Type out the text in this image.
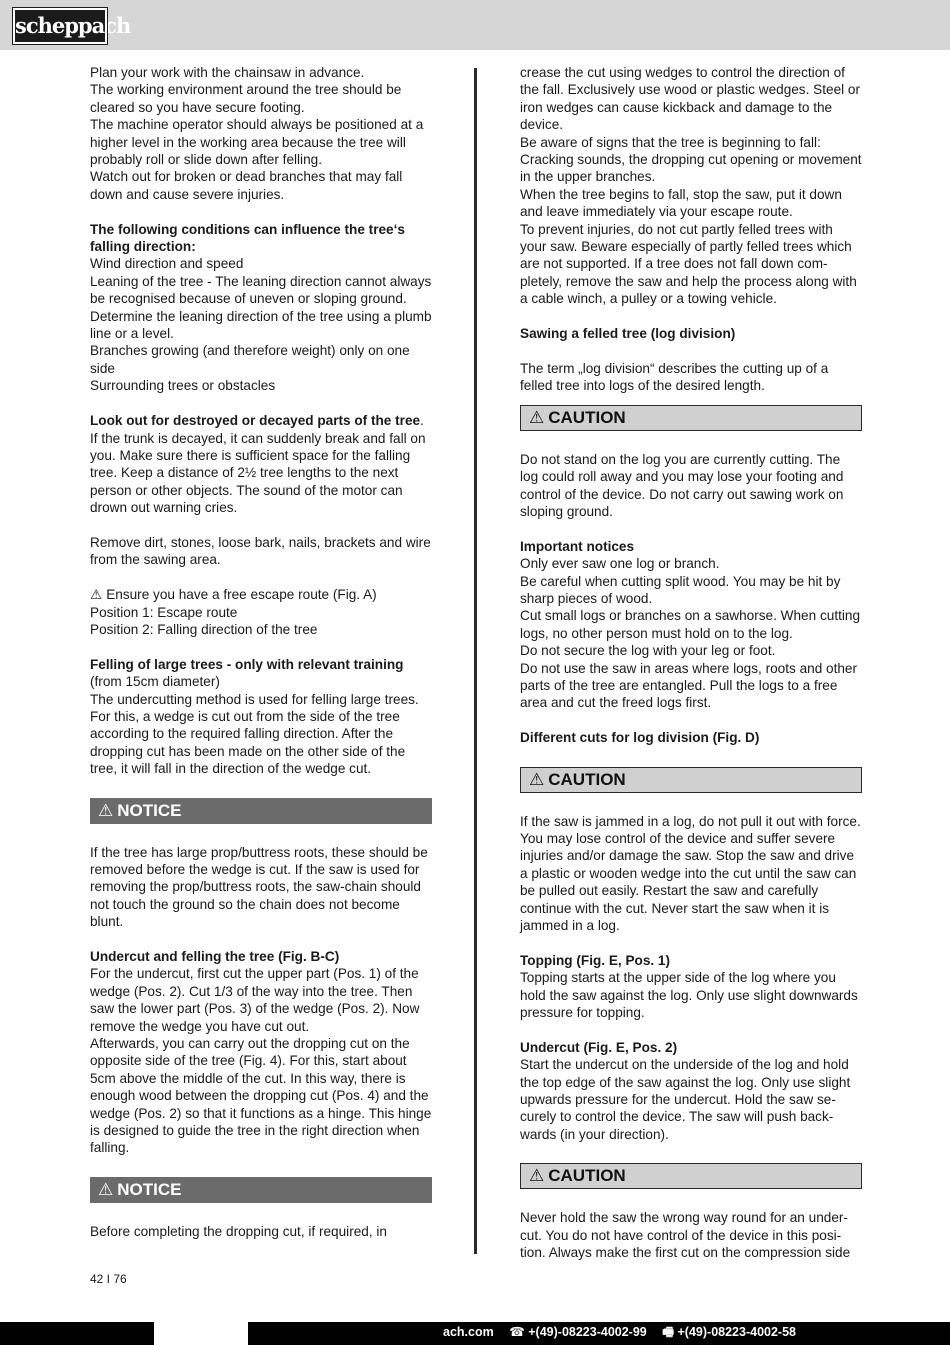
scheppach

Plan your work with the chainsaw in advance.

The working environment around the tree should be cleared so you have secure footing.

The machine operator should always be positioned at a higher level in the working area because the tree will probably roll or slide down after felling.

Watch out for broken or dead branches that may fall down and cause severe injuries.

The following conditions can influence the tree‘s falling direction:

Wind direction and speed

Leaning of the tree - The leaning direction cannot always be recognised because of uneven or sloping ground. Determine the leaning direction of the tree using a plumb line or a level.

Branches growing (and therefore weight) only on one side

Surrounding trees or obstacles

Look out for destroyed or decayed parts of the tree. If the trunk is decayed, it can suddenly break and fall on you. Make sure there is sufficient space for the falling tree. Keep a distance of 2½ tree lengths to the next person or other objects. The sound of the motor can drown out warning cries.

Remove dirt, stones, loose bark, nails, brackets and wire from the sawing area.

⚠ Ensure you have a free escape route (Fig. A)

Position 1: Escape route

Position 2: Falling direction of the tree

Felling of large trees - only with relevant training

(from 15cm diameter)

The undercutting method is used for felling large trees. For this, a wedge is cut out from the side of the tree according to the required falling direction. After the dropping cut has been made on the other side of the tree, it will fall in the direction of the wedge cut.

⚠ NOTICE

If the tree has large prop/buttress roots, these should be removed before the wedge is cut. If the saw is used for removing the prop/buttress roots, the saw-chain should not touch the ground so the chain does not become blunt.

Undercut and felling the tree (Fig. B-C)

For the undercut, first cut the upper part (Pos. 1) of the wedge (Pos. 2). Cut 1/3 of the way into the tree. Then saw the lower part (Pos. 3) of the wedge (Pos. 2). Now remove the wedge you have cut out.

Afterwards, you can carry out the dropping cut on the opposite side of the tree (Fig. 4). For this, start about 5cm above the middle of the cut. In this way, there is enough wood between the dropping cut (Pos. 4) and the wedge (Pos. 2) so that it functions as a hinge. This hinge is designed to guide the tree in the right direction when falling.

⚠ NOTICE

Before completing the dropping cut, if required, in

crease the cut using wedges to control the direction of the fall. Exclusively use wood or plastic wedges. Steel or iron wedges can cause kickback and damage to the device.

Be aware of signs that the tree is beginning to fall: Cracking sounds, the dropping cut opening or movement in the upper branches.

When the tree begins to fall, stop the saw, put it down and leave immediately via your escape route.

To prevent injuries, do not cut partly felled trees with your saw. Beware especially of partly felled trees which are not supported. If a tree does not fall down completely, remove the saw and help the process along with a cable winch, a pulley or a towing vehicle.

Sawing a felled tree (log division)

The term „log division“ describes the cutting up of a felled tree into logs of the desired length.

⚠ CAUTION

Do not stand on the log you are currently cutting. The log could roll away and you may lose your footing and control of the device. Do not carry out sawing work on sloping ground.

Important notices

Only ever saw one log or branch.

Be careful when cutting split wood. You may be hit by sharp pieces of wood.

Cut small logs or branches on a sawhorse. When cutting logs, no other person must hold on to the log.

Do not secure the log with your leg or foot.

Do not use the saw in areas where logs, roots and other parts of the tree are entangled. Pull the logs to a free area and cut the freed logs first.

Different cuts for log division (Fig. D)

⚠ CAUTION

If the saw is jammed in a log, do not pull it out with force. You may lose control of the device and suffer severe injuries and/or damage the saw. Stop the saw and drive a plastic or wooden wedge into the cut until the saw can be pulled out easily. Restart the saw and carefully continue with the cut. Never start the saw when it is jammed in a log.

Topping (Fig. E, Pos. 1)

Topping starts at the upper side of the log where you hold the saw against the log. Only use slight downwards pressure for topping.

Undercut (Fig. E, Pos. 2)

Start the undercut on the underside of the log and hold the top edge of the saw against the log. Only use slight upwards pressure for the undercut. Hold the saw securely to control the device. The saw will push backwards (in your direction).

⚠ CAUTION

Never hold the saw the wrong way round for an undercut. You do not have control of the device in this position. Always make the first cut on the compression side

42 I 76
ach.com ☎ +(49)-08223-4002-99 🖷 +(49)-08223-4002-58
